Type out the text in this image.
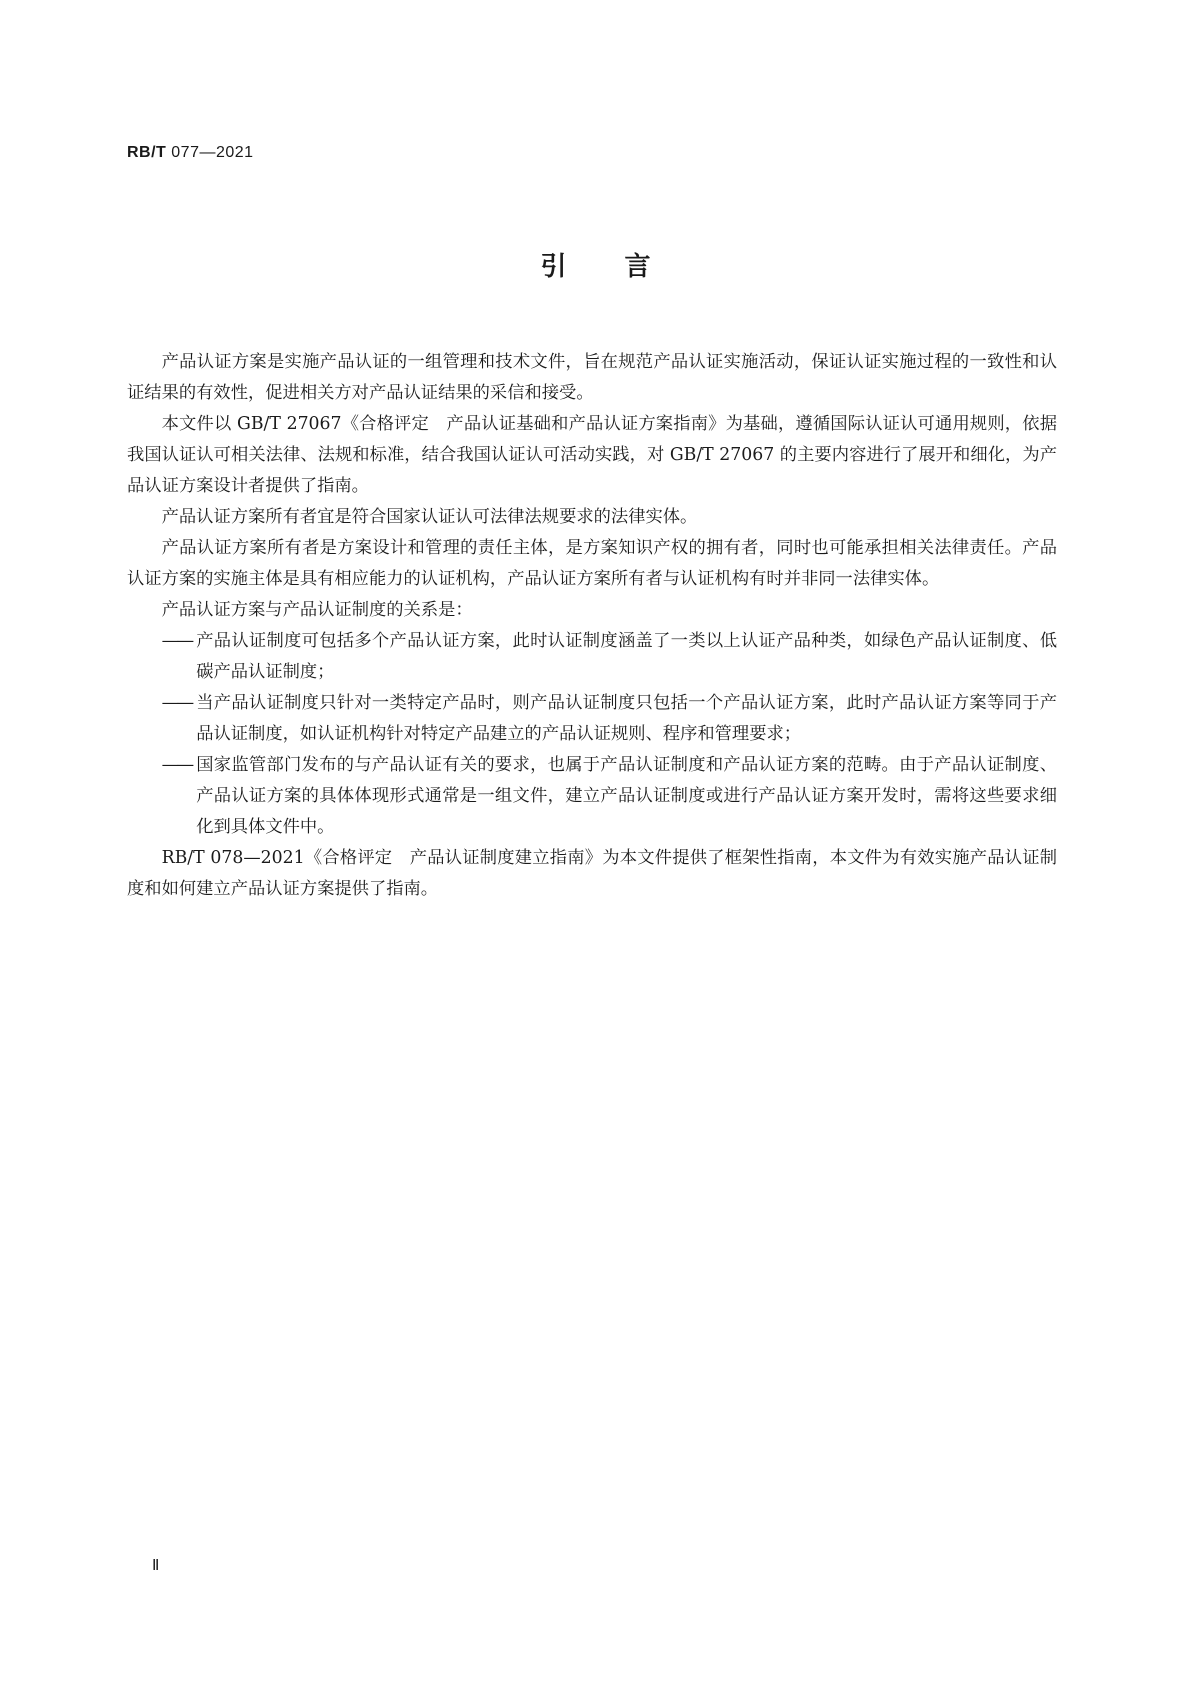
RB/T 077—2021
引言

产品认证方案是实施产品认证的一组管理和技术文件，旨在规范产品认证实施活动，保证认证实施过程的一致性和认证结果的有效性，促进相关方对产品认证结果的采信和接受。

本文件以 GB/T 27067《合格评定　产品认证基础和产品认证方案指南》为基础，遵循国际认证认可通用规则，依据我国认证认可相关法律、法规和标准，结合我国认证认可活动实践，对 GB/T 27067 的主要内容进行了展开和细化，为产品认证方案设计者提供了指南。

产品认证方案所有者宜是符合国家认证认可法律法规要求的法律实体。

产品认证方案所有者是方案设计和管理的责任主体，是方案知识产权的拥有者，同时也可能承担相关法律责任。产品认证方案的实施主体是具有相应能力的认证机构，产品认证方案所有者与认证机构有时并非同一法律实体。

产品认证方案与产品认证制度的关系是：

—— 产品认证制度可包括多个产品认证方案，此时认证制度涵盖了一类以上认证产品种类，如绿色产品认证制度、低碳产品认证制度；
—— 当产品认证制度只针对一类特定产品时，则产品认证制度只包括一个产品认证方案，此时产品认证方案等同于产品认证制度，如认证机构针对特定产品建立的产品认证规则、程序和管理要求；
—— 国家监管部门发布的与产品认证有关的要求，也属于产品认证制度和产品认证方案的范畴。由于产品认证制度、产品认证方案的具体体现形式通常是一组文件，建立产品认证制度或进行产品认证方案开发时，需将这些要求细化到具体文件中。

RB/T 078—2021《合格评定　产品认证制度建立指南》为本文件提供了框架性指南，本文件为有效实施产品认证制度和如何建立产品认证方案提供了指南。

Ⅱ
